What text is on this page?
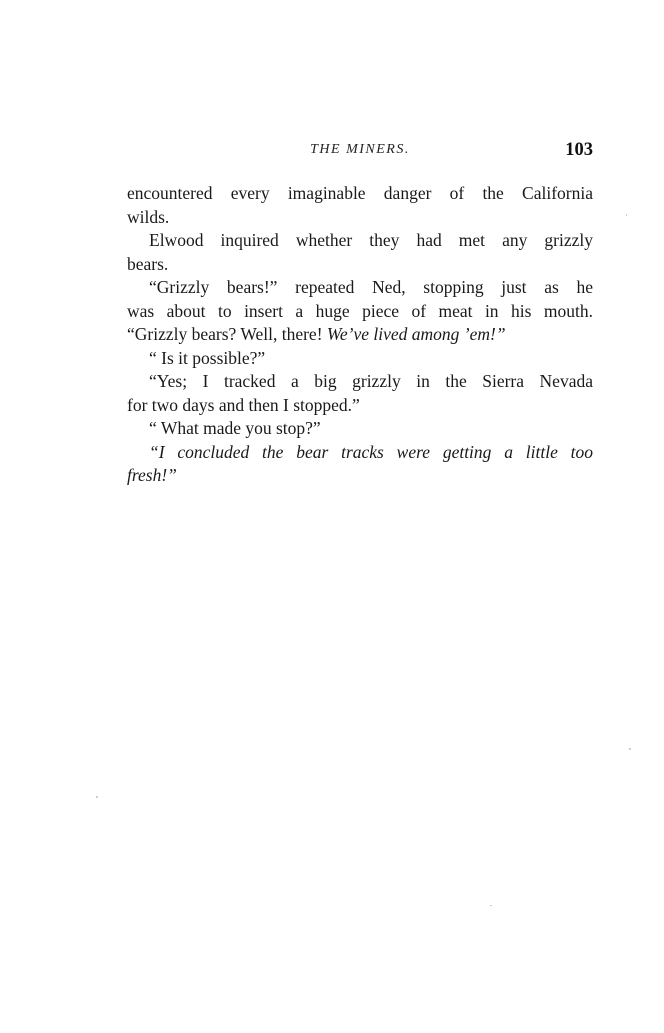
THE MINERS.	103
encountered every imaginable danger of the California
wilds.
Elwood inquired whether they had met any grizzly
bears.
“Grizzly bears!” repeated Ned, stopping just as he
was about to insert a huge piece of meat in his mouth.
“Grizzly bears? Well, there! We’ve lived among ’em!”
“ Is it possible?”
“Yes; I tracked a big grizzly in the Sierra Nevada
for two days and then I stopped.”
“ What made you stop?”
“I concluded the bear tracks were getting a little too
fresh!”
